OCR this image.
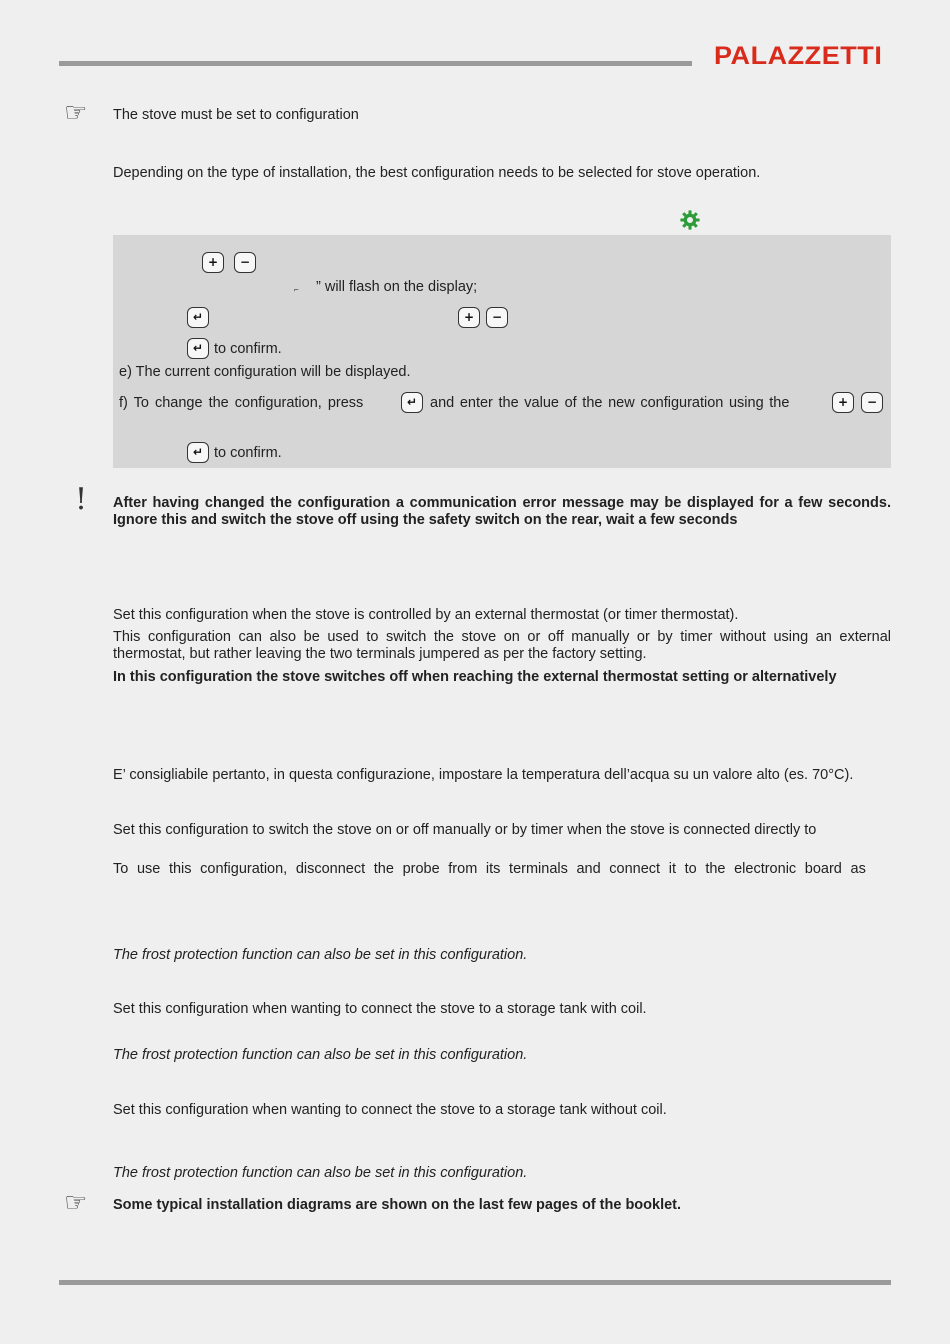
PALAZZETTI
☞ The stove must be set to configuration
Depending on the type of installation, the best configuration needs to be selected for stove operation.
+	−
⌐ ” will flash on the display;
↵	+	−
↵ to confirm.
e) The current configuration will be displayed.
f) To change the configuration, press	↵ and enter the value of the new configuration using the	+	−
↵ to confirm.
! After having changed the configuration a communication error message may be displayed for a few seconds. Ignore this and switch the stove off using the safety switch on the rear, wait a few seconds
Set this configuration when the stove is controlled by an external thermostat (or timer thermostat).
This configuration can also be used to switch the stove on or off manually or by timer without using an external thermostat, but rather leaving the two terminals jumpered as per the factory setting.
In this configuration the stove switches off when reaching the external thermostat setting or alternatively
E’ consigliabile pertanto, in questa configurazione, impostare la temperatura dell’acqua su un valore alto (es. 70°C).
Set this configuration to switch the stove on or off manually or by timer when the stove is connected directly to
To use this configuration, disconnect the probe from its terminals and connect it to the electronic board as
The frost protection function can also be set in this configuration.
Set this configuration when wanting to connect the stove to a storage tank with coil.
The frost protection function can also be set in this configuration.
Set this configuration when wanting to connect the stove to a storage tank without coil.
The frost protection function can also be set in this configuration.
☞ Some typical installation diagrams are shown on the last few pages of the booklet.
